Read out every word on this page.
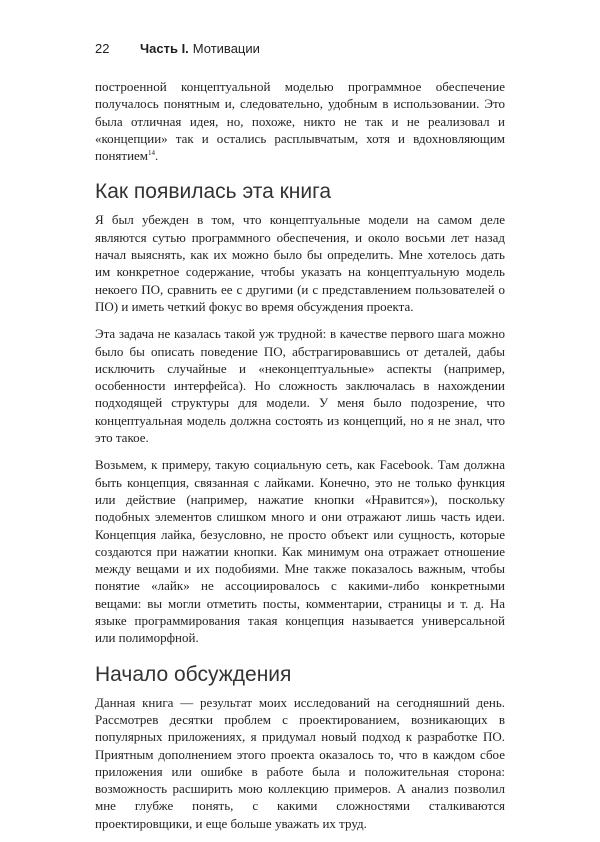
22 Часть I. Мотивации

построенной концептуальной моделью программное обеспечение получалось понятным и, следовательно, удобным в использовании. Это была отличная идея, но, похоже, никто не так и не реализовал и «концепции» так и остались расплывчатым, хотя и вдохновляющим понятием$^{14}$.

Как появилась эта книга

Я был убежден в том, что концептуальные модели на самом деле являются сутью программного обеспечения, и около восьми лет назад начал выяснять, как их можно было бы определить. Мне хотелось дать им конкретное содержание, чтобы указать на концептуальную модель некоего ПО, сравнить ее с другими (и с представлением пользователей о ПО) и иметь четкий фокус во время обсуждения проекта.

Эта задача не казалась такой уж трудной: в качестве первого шага можно было бы описать поведение ПО, абстрагировавшись от деталей, дабы исключить случайные и «неконцептуальные» аспекты (например, особенности интерфейса). Но сложность заключалась в нахождении подходящей структуры для модели. У меня было подозрение, что концептуальная модель должна состоять из концепций, но я не знал, что это такое.

Возьмем, к примеру, такую социальную сеть, как Facebook. Там должна быть концепция, связанная с лайками. Конечно, это не только функция или действие (например, нажатие кнопки «Нравится»), поскольку подобных элементов слишком много и они отражают лишь часть идеи. Концепция лайка, безусловно, не просто объект или сущность, которые создаются при нажатии кнопки. Как минимум она отражает отношение между вещами и их подобиями. Мне также показалось важным, чтобы понятие «лайк» не ассоциировалось с какими-либо конкретными вещами: вы могли отметить посты, комментарии, страницы и т. д. На языке программирования такая концепция называется универсальной или полиморфной.

Начало обсуждения

Данная книга — результат моих исследований на сегодняшний день. Рассмотрев десятки проблем с проектированием, возникающих в популярных приложениях, я придумал новый подход к разработке ПО. Приятным дополнением этого проекта оказалось то, что в каждом сбое приложения или ошибке в работе была и положительная сторона: возможность расширить мою коллекцию примеров. А анализ позволил мне глубже понять, с какими сложностями сталкиваются проектировщики, и еще больше уважать их труд.
